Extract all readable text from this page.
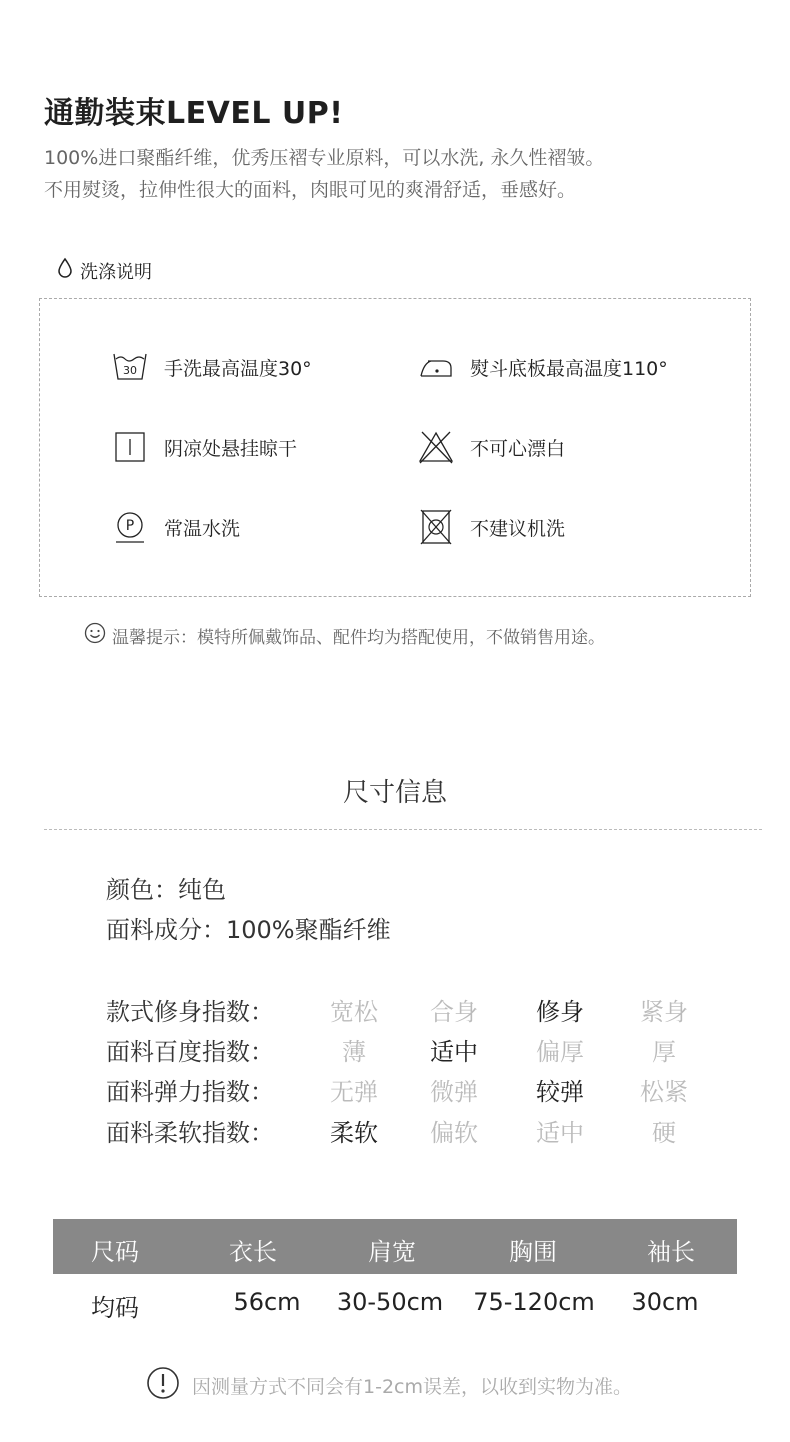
通勤装束LEVEL UP!
100%进口聚酯纤维，优秀压褶专业原料，可以水洗, 永久性褶皱。
不用熨烫，拉伸性很大的面料，肉眼可见的爽滑舒适，垂感好。
洗涤说明
30 手洗最高温度30°	熨斗底板最高温度110°
阴凉处悬挂晾干	不可心漂白
P 常温水洗	不建议机洗
温馨提示：模特所佩戴饰品、配件均为搭配使用，不做销售用途。
尺寸信息
颜色：纯色
面料成分：100%聚酯纤维
款式修身指数：	宽松	合身	修身	紧身
面料百度指数：	薄	适中	偏厚	厚
面料弹力指数：	无弹	微弹	较弹	松紧
面料柔软指数：	柔软	偏软	适中	硬
尺码	衣长	肩宽	胸围	袖长
均码	56cm	30-50cm	75-120cm	30cm
因测量方式不同会有1-2cm误差，以收到实物为准。
